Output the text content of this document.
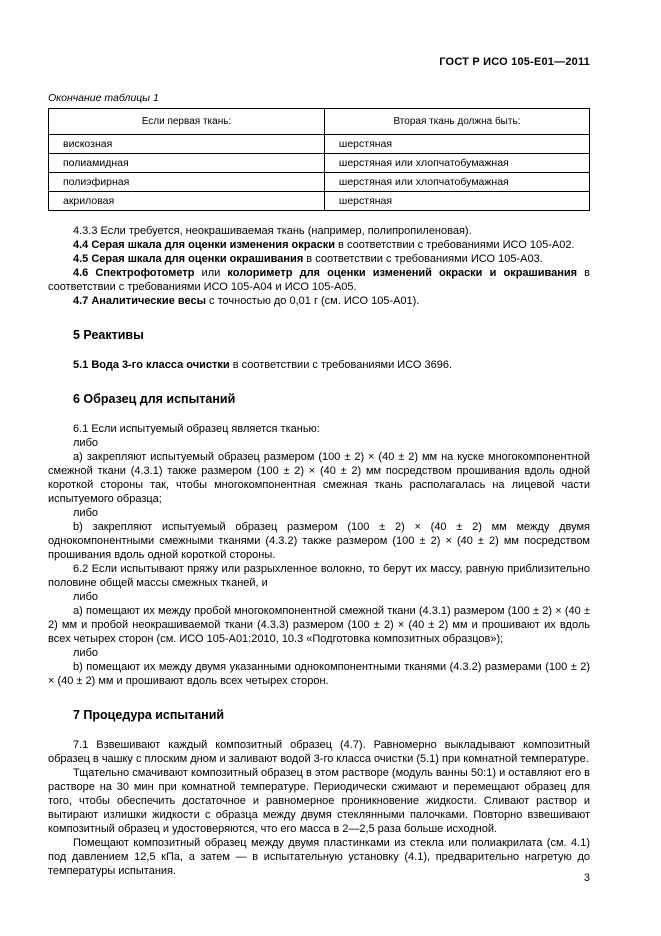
ГОСТ Р ИСО 105-Е01—2011
Окончание таблицы 1
Если первая ткань:	Вторая ткань должна быть:
вискозная	шерстяная
полиамидная	шерстяная или хлопчатобумажная
полиэфирная	шерстяная или хлопчатобумажная
акриловая	шерстяная

4.3.3 Если требуется, неокрашиваемая ткань (например, полипропиленовая).

4.4 Серая шкала для оценки изменения окраски в соответствии с требованиями ИСО 105-А02.

4.5 Серая шкала для оценки окрашивания в соответствии с требованиями ИСО 105-А03.

4.6 Спектрофотометр или колориметр для оценки изменений окраски и окрашивания в соответствии с требованиями ИСО 105-А04 и ИСО 105-А05.

4.7 Аналитические весы с точностью до 0,01 г (см. ИСО 105-А01).

5 Реактивы

5.1 Вода 3-го класса очистки в соответствии с требованиями ИСО 3696.

6 Образец для испытаний

6.1 Если испытуемый образец является тканью:

либо

a) закрепляют испытуемый образец размером (100 ± 2) × (40 ± 2) мм на куске многокомпонентной смежной ткани (4.3.1) также размером (100 ± 2) × (40 ± 2) мм посредством прошивания вдоль одной короткой стороны так, чтобы многокомпонентная смежная ткань располагалась на лицевой части испытуемого образца;

либо

b) закрепляют испытуемый образец размером (100 ± 2) × (40 ± 2) мм между двумя однокомпонентными смежными тканями (4.3.2) также размером (100 ± 2) × (40 ± 2) мм посредством прошивания вдоль одной короткой стороны.

6.2 Если испытывают пряжу или разрыхленное волокно, то берут их массу, равную приблизительно половине общей массы смежных тканей, и

либо

а) помещают их между пробой многокомпонентной смежной ткани (4.3.1) размером (100 ± 2) × (40 ± 2) мм и пробой неокрашиваемой ткани (4.3.3) размером (100 ± 2) × (40 ± 2) мм и прошивают их вдоль всех четырех сторон (см. ИСО 105-А01:2010, 10.3 «Подготовка композитных образцов»);

либо

b) помещают их между двумя указанными однокомпонентными тканями (4.3.2) размерами (100 ± 2) × (40 ± 2) мм и прошивают вдоль всех четырех сторон.

7 Процедура испытаний

7.1 Взвешивают каждый композитный образец (4.7). Равномерно выкладывают композитный образец в чашку с плоским дном и заливают водой 3-го класса очистки (5.1) при комнатной температуре.

Тщательно смачивают композитный образец в этом растворе (модуль ванны 50:1) и оставляют его в растворе на 30 мин при комнатной температуре. Периодически сжимают и перемещают образец для того, чтобы обеспечить достаточное и равномерное проникновение жидкости. Сливают раствор и вытирают излишки жидкости с образца между двумя стеклянными палочками. Повторно взвешивают композитный образец и удостоверяются, что его масса в 2—2,5 раза больше исходной.

Помещают композитный образец между двумя пластинками из стекла или полиакрилата (см. 4.1) под давлением 12,5 кПа, а затем — в испытательную установку (4.1), предварительно нагретую до температуры испытания.

3
